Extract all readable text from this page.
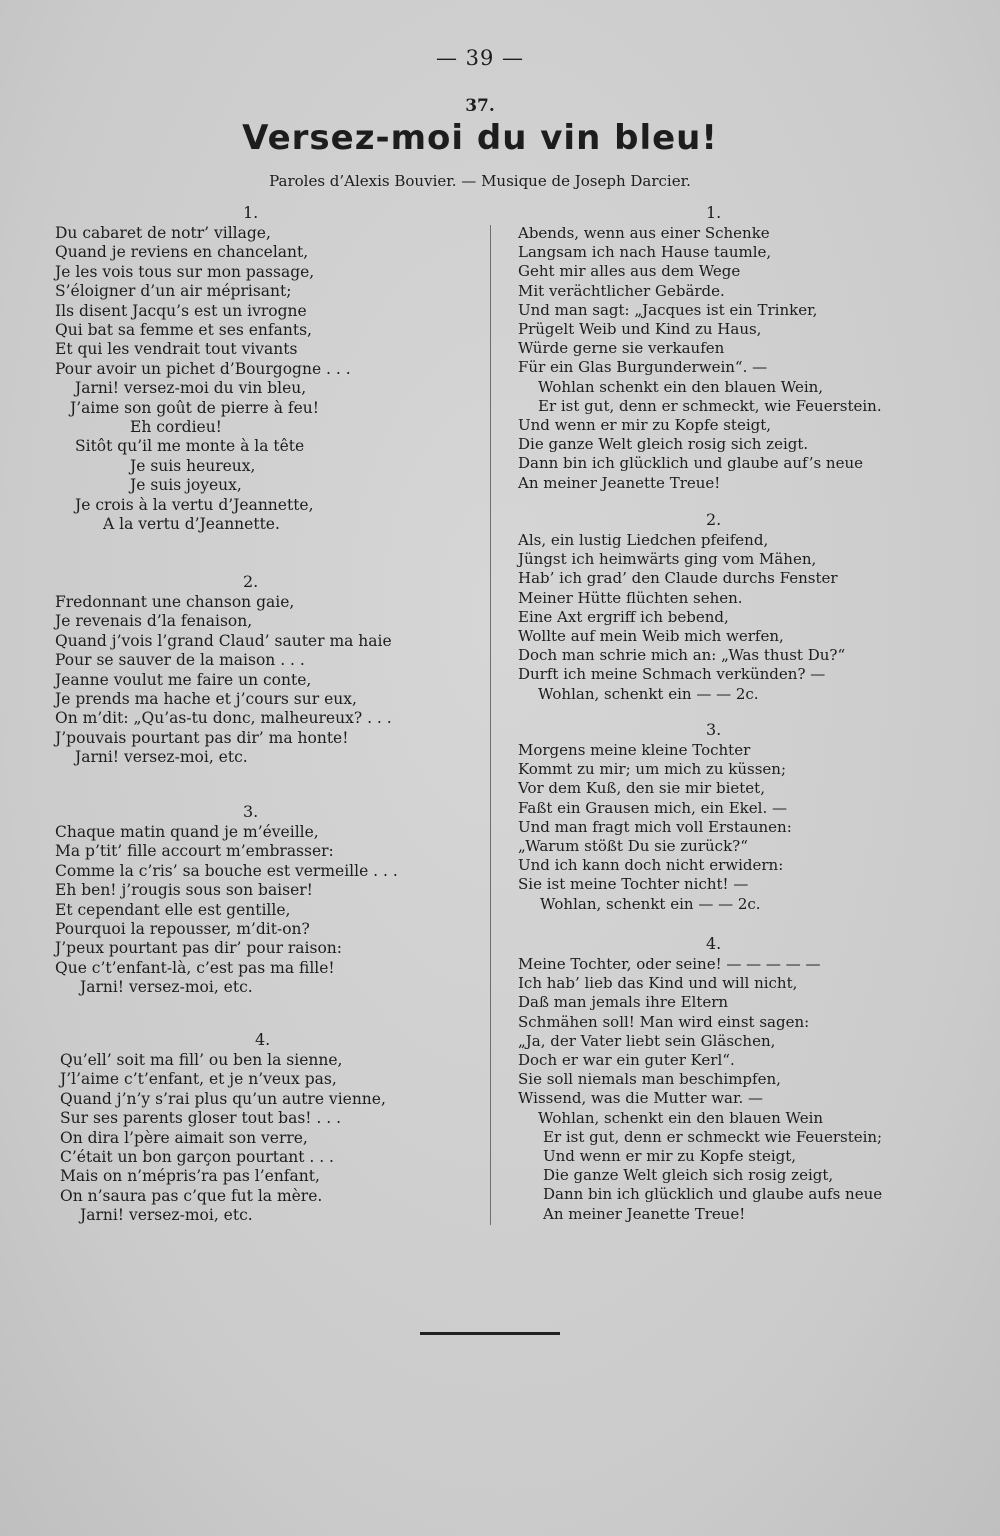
— 39 —
37.
Versez-moi du vin bleu!
Paroles d’Alexis Bouvier. — Musique de Joseph Darcier.
1.
Du cabaret de notr’ village,
Quand je reviens en chancelant,
Je les vois tous sur mon passage,
S’éloigner d’un air méprisant;
Ils disent Jacqu’s est un ivrogne
Qui bat sa femme et ses enfants,
Et qui les vendrait tout vivants
Pour avoir un pichet d’Bourgogne . . .
Jarni! versez-moi du vin bleu,
J’aime son goût de pierre à feu!
Eh cordieu!
Sitôt qu’il me monte à la tête
Je suis heureux,
Je suis joyeux,
Je crois à la vertu d’Jeannette,
A la vertu d’Jeannette.
2.
Fredonnant une chanson gaie,
Je revenais d’la fenaison,
Quand j’vois l’grand Claud’ sauter ma haie
Pour se sauver de la maison . . .
Jeanne voulut me faire un conte,
Je prends ma hache et j’cours sur eux,
On m’dit: „Qu’as-tu donc, malheureux? . . .
J’pouvais pourtant pas dir’ ma honte!
Jarni! versez-moi, etc.
3.
Chaque matin quand je m’éveille,
Ma p’tit’ fille accourt m’embrasser:
Comme la c’ris’ sa bouche est vermeille . . .
Eh ben! j’rougis sous son baiser!
Et cependant elle est gentille,
Pourquoi la repousser, m’dit-on?
J’peux pourtant pas dir’ pour raison:
Que c’t’enfant-là, c’est pas ma fille!
Jarni! versez-moi, etc.
4.
Qu’ell’ soit ma fill’ ou ben la sienne,
J’l’aime c’t’enfant, et je n’veux pas,
Quand j’n’y s’rai plus qu’un autre vienne,
Sur ses parents gloser tout bas! . . .
On dira l’père aimait son verre,
C’était un bon garçon pourtant . . .
Mais on n’mépris’ra pas l’enfant,
On n’saura pas c’que fut la mère.
Jarni! versez-moi, etc.
1.
Abends, wenn aus einer Schenke
Langsam ich nach Hause taumle,
Geht mir alles aus dem Wege
Mit verächtlicher Gebärde.
Und man sagt: „Jacques ist ein Trinker,
Prügelt Weib und Kind zu Haus,
Würde gerne sie verkaufen
Für ein Glas Burgunderwein“. —
Wohlan schenkt ein den blauen Wein,
Er ist gut, denn er schmeckt, wie Feuerstein.
Und wenn er mir zu Kopfe steigt,
Die ganze Welt gleich rosig sich zeigt.
Dann bin ich glücklich und glaube auf’s neue
An meiner Jeanette Treue!
2.
Als, ein lustig Liedchen pfeifend,
Jüngst ich heimwärts ging vom Mähen,
Hab’ ich grad’ den Claude durchs Fenster
Meiner Hütte flüchten sehen.
Eine Axt ergriff ich bebend,
Wollte auf mein Weib mich werfen,
Doch man schrie mich an: „Was thust Du?“
Durft ich meine Schmach verkünden? —
Wohlan, schenkt ein — — 2c.
3.
Morgens meine kleine Tochter
Kommt zu mir; um mich zu küssen;
Vor dem Kuß, den sie mir bietet,
Faßt ein Grausen mich, ein Ekel. —
Und man fragt mich voll Erstaunen:
„Warum stößt Du sie zurück?“
Und ich kann doch nicht erwidern:
Sie ist meine Tochter nicht! —
Wohlan, schenkt ein — — 2c.
4.
Meine Tochter, oder seine! — — — — —
Ich hab’ lieb das Kind und will nicht,
Daß man jemals ihre Eltern
Schmähen soll! Man wird einst sagen:
„Ja, der Vater liebt sein Gläschen,
Doch er war ein guter Kerl“.
Sie soll niemals man beschimpfen,
Wissend, was die Mutter war. —
Wohlan, schenkt ein den blauen Wein
Er ist gut, denn er schmeckt wie Feuerstein;
Und wenn er mir zu Kopfe steigt,
Die ganze Welt gleich sich rosig zeigt,
Dann bin ich glücklich und glaube aufs neue
An meiner Jeanette Treue!
